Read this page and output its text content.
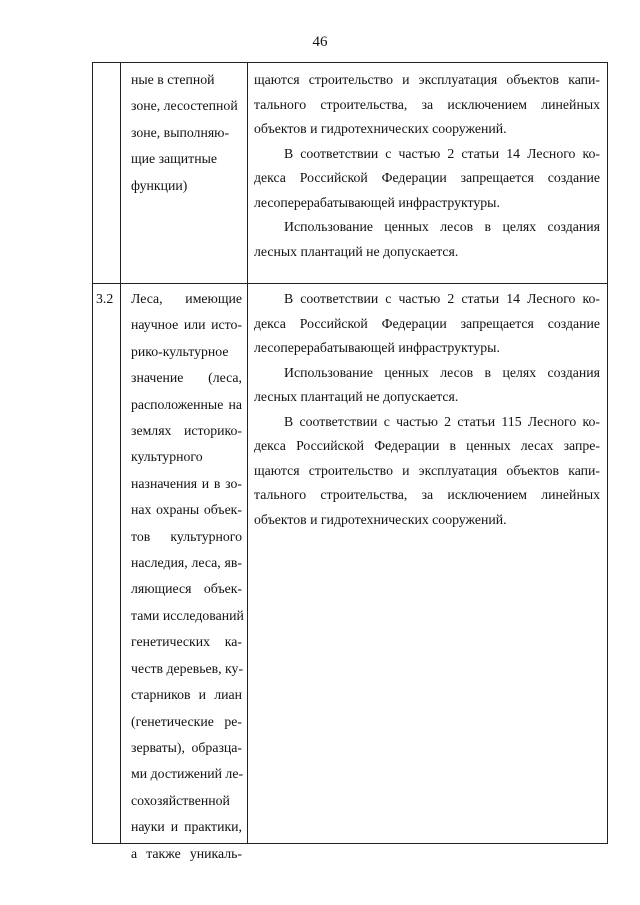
46
ные в степной
зоне, лесостепной
зоне, выполняю-
щие защитные
функции)

щаются строительство и эксплуатация объектов капи-
тального строительства, за исключением линейных
объектов и гидротехнических сооружений.

В соответствии с частью 2 статьи 14 Лесного ко-
декса Российской Федерации запрещается создание
лесоперерабатывающей инфраструктуры.

Использование ценных лесов в целях создания
лесных плантаций не допускается.

3.2	Леса, имеющие
научное или исто-
рико-культурное
значение (леса,
расположенные на
землях историко-
культурного
назначения и в зо-
нах охраны объек-
тов культурного
наследия, леса, яв-
ляющиеся объек-
тами исследований
генетических ка-
честв деревьев, ку-
старников и лиан
(генетические ре-
зерваты), образца-
ми достижений ле-
сохозяйственной
науки и практики,
а также уникаль-

В соответствии с частью 2 статьи 14 Лесного ко-
декса Российской Федерации запрещается создание
лесоперерабатывающей инфраструктуры.

Использование ценных лесов в целях создания
лесных плантаций не допускается.

В соответствии с частью 2 статьи 115 Лесного ко-
декса Российской Федерации в ценных лесах запре-
щаются строительство и эксплуатация объектов капи-
тального строительства, за исключением линейных
объектов и гидротехнических сооружений.
